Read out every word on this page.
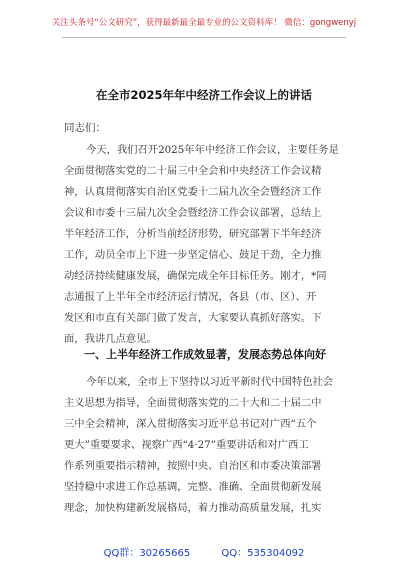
关注头条号“公文研究”，获得最新最全最专业的公文资料库！ 微信：gongwenyj
在全市2025年年中经济工作会议上的讲话
同志们：
今天，我们召开2025年年中经济工作会议，主要任务是
全面贯彻落实党的二十届三中全会和中央经济工作会议精
神，认真贯彻落实自治区党委十二届九次全会暨经济工作
会议和市委十三届九次全会暨经济工作会议部署，总结上
半年经济工作，分析当前经济形势，研究部署下半年经济
工作，动员全市上下进一步坚定信心、鼓足干劲，全力推
动经济持续健康发展，确保完成全年目标任务。刚才，*同
志通报了上半年全市经济运行情况，各县（市、区）、开
发区和市直有关部门做了发言，大家要认真抓好落实。下
面，我讲几点意见。
一、上半年经济工作成效显著，发展态势总体向好
今年以来，全市上下坚持以习近平新时代中国特色社会
主义思想为指导，全面贯彻落实党的二十大和二十届二中
三中全会精神，深入贯彻落实习近平总书记对广西“五个
更大”重要要求、视察广西“4·27”重要讲话和对广西工
作系列重要指示精神，按照中央、自治区和市委决策部署
坚持稳中求进工作总基调，完整、准确、全面贯彻新发展
理念，加快构建新发展格局，着力推动高质量发展，扎实
QQ群：30265665	QQ：535304092
